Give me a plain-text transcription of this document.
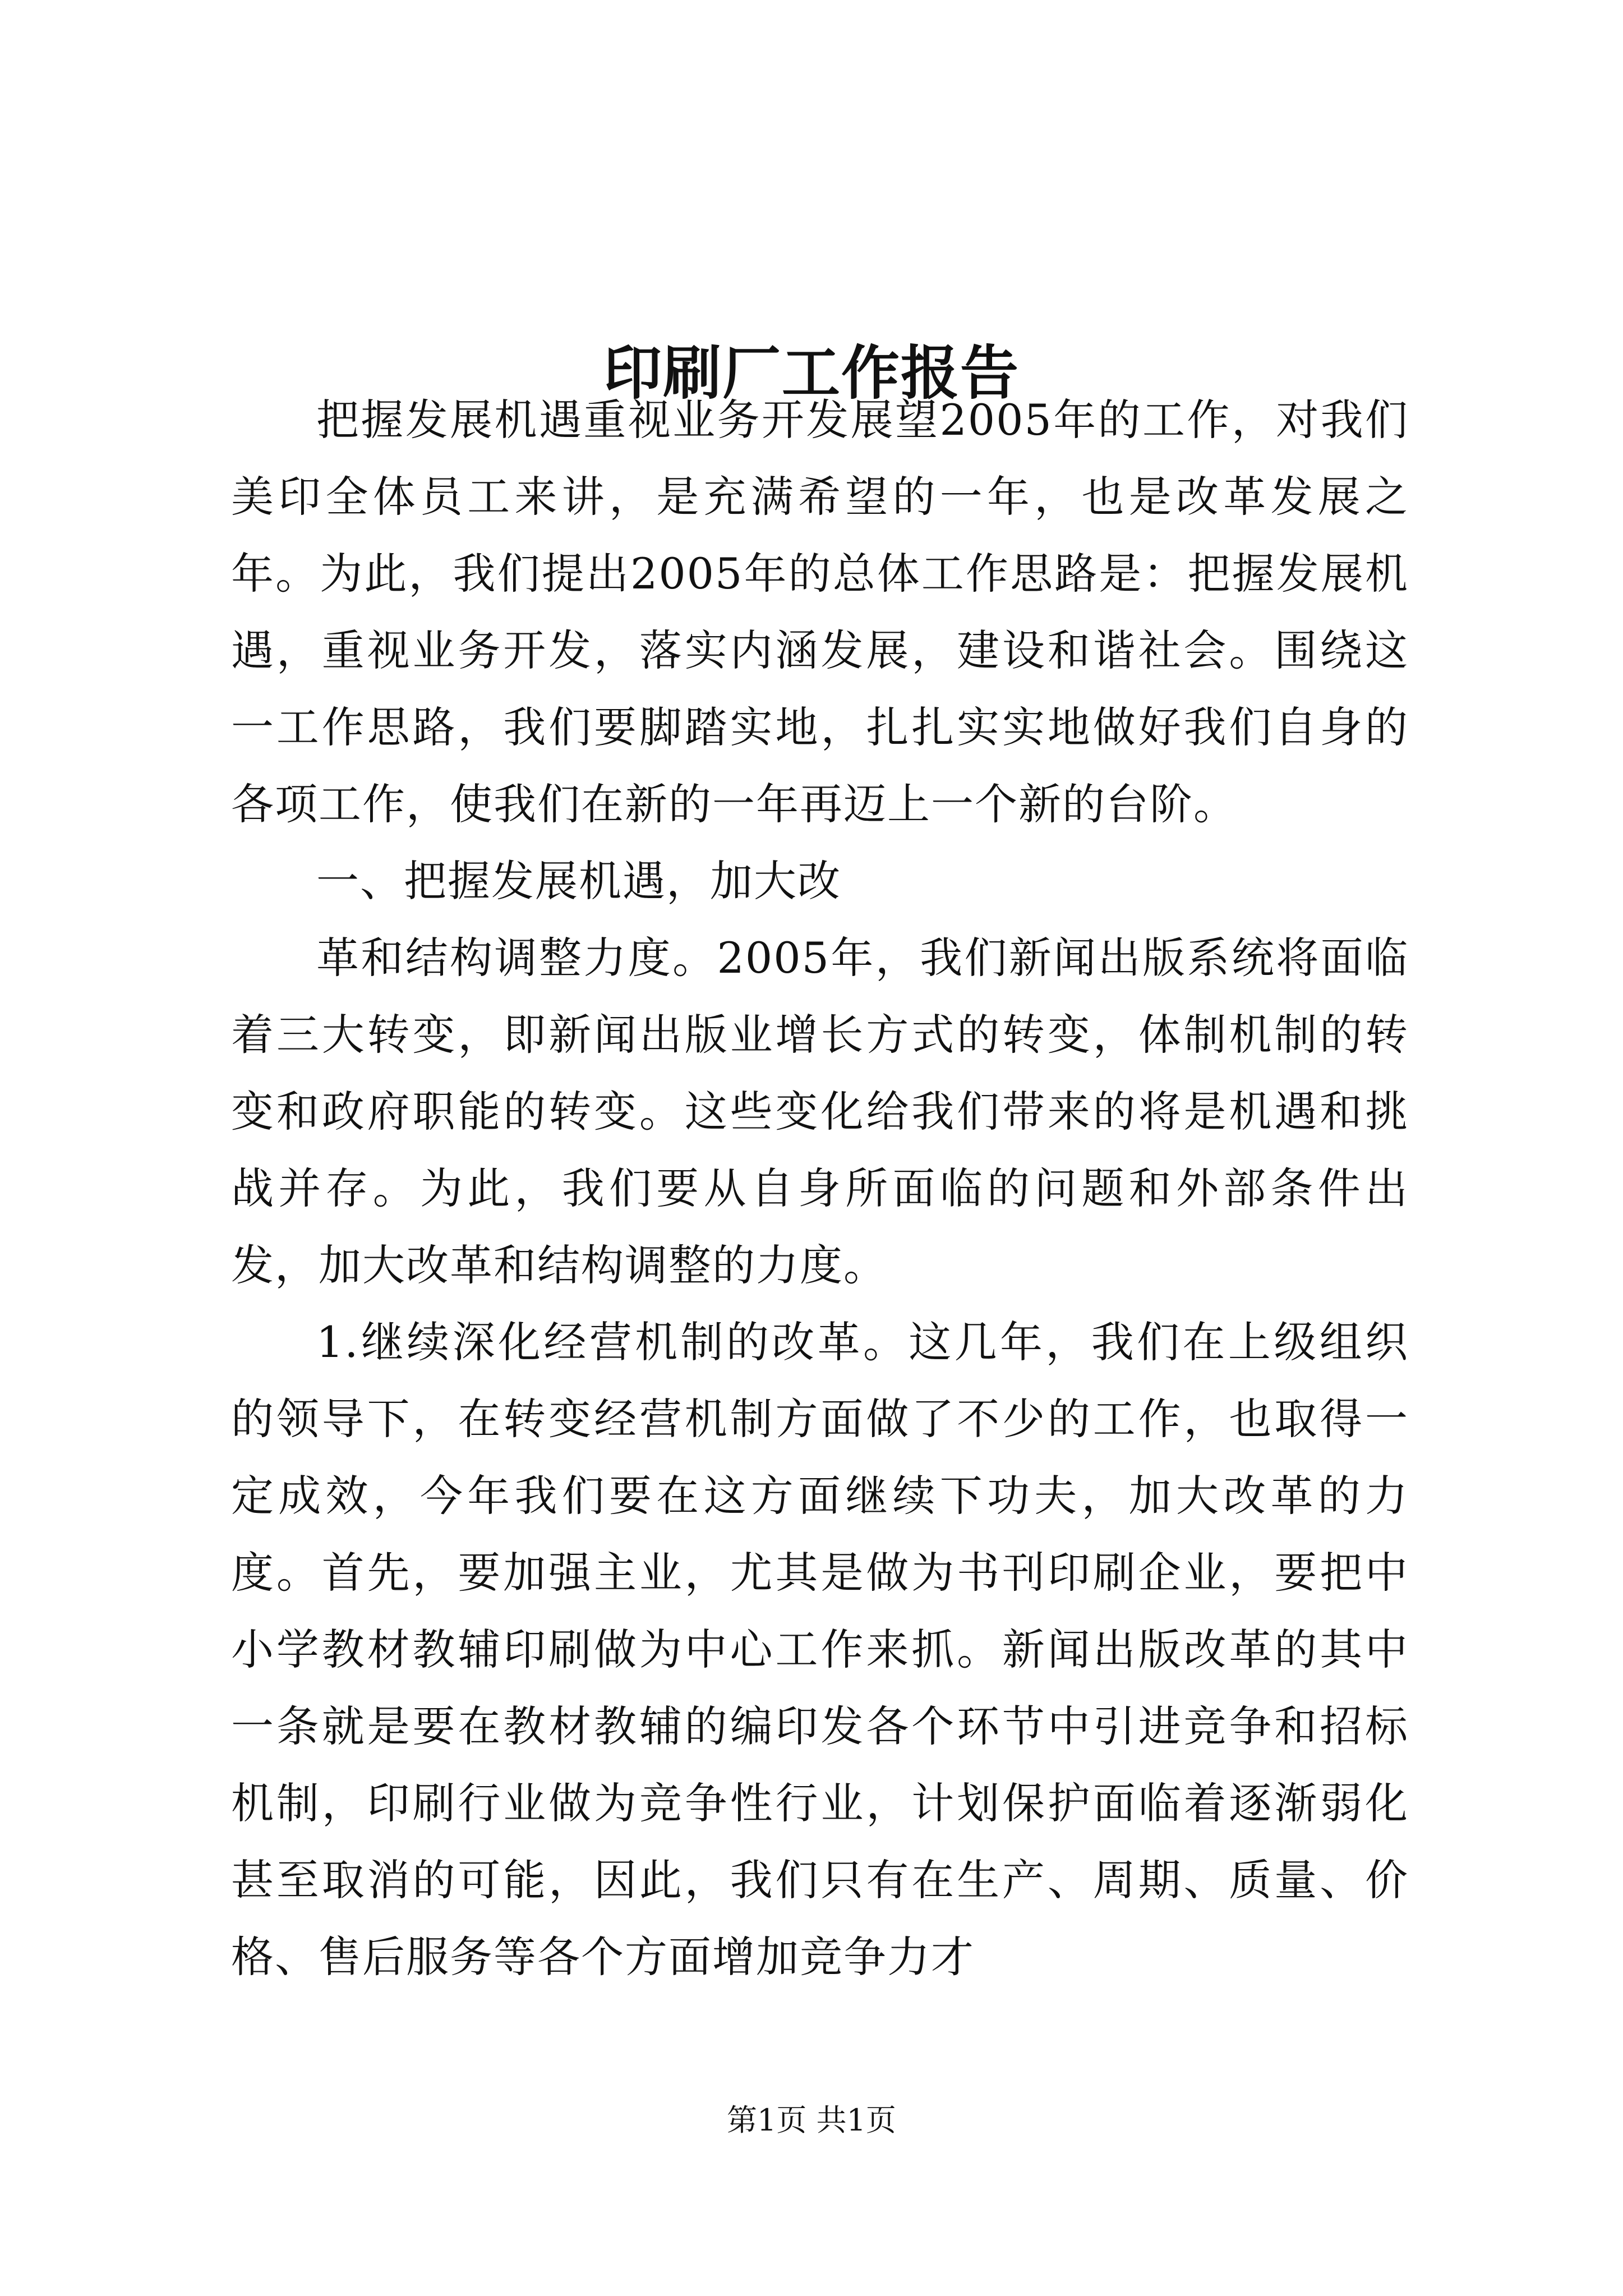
印刷厂工作报告

把握发展机遇重视业务开发展望2005年的工作，对我们美印全体员工来讲，是充满希望的一年，也是改革发展之年。为此，我们提出2005年的总体工作思路是：把握发展机遇，重视业务开发，落实内涵发展，建设和谐社会。围绕这一工作思路，我们要脚踏实地，扎扎实实地做好我们自身的各项工作，使我们在新的一年再迈上一个新的台阶。

一、把握发展机遇，加大改

革和结构调整力度。2005年，我们新闻出版系统将面临着三大转变，即新闻出版业增长方式的转变，体制机制的转变和政府职能的转变。这些变化给我们带来的将是机遇和挑战并存。为此，我们要从自身所面临的问题和外部条件出发，加大改革和结构调整的力度。

1.继续深化经营机制的改革。这几年，我们在上级组织的领导下，在转变经营机制方面做了不少的工作，也取得一定成效，今年我们要在这方面继续下功夫，加大改革的力度。首先，要加强主业，尤其是做为书刊印刷企业，要把中小学教材教辅印刷做为中心工作来抓。新闻出版改革的其中一条就是要在教材教辅的编印发各个环节中引进竞争和招标机制，印刷行业做为竞争性行业，计划保护面临着逐渐弱化甚至取消的可能，因此，我们只有在生产、周期、质量、价格、售后服务等各个方面增加竞争力才

第1页 共1页
